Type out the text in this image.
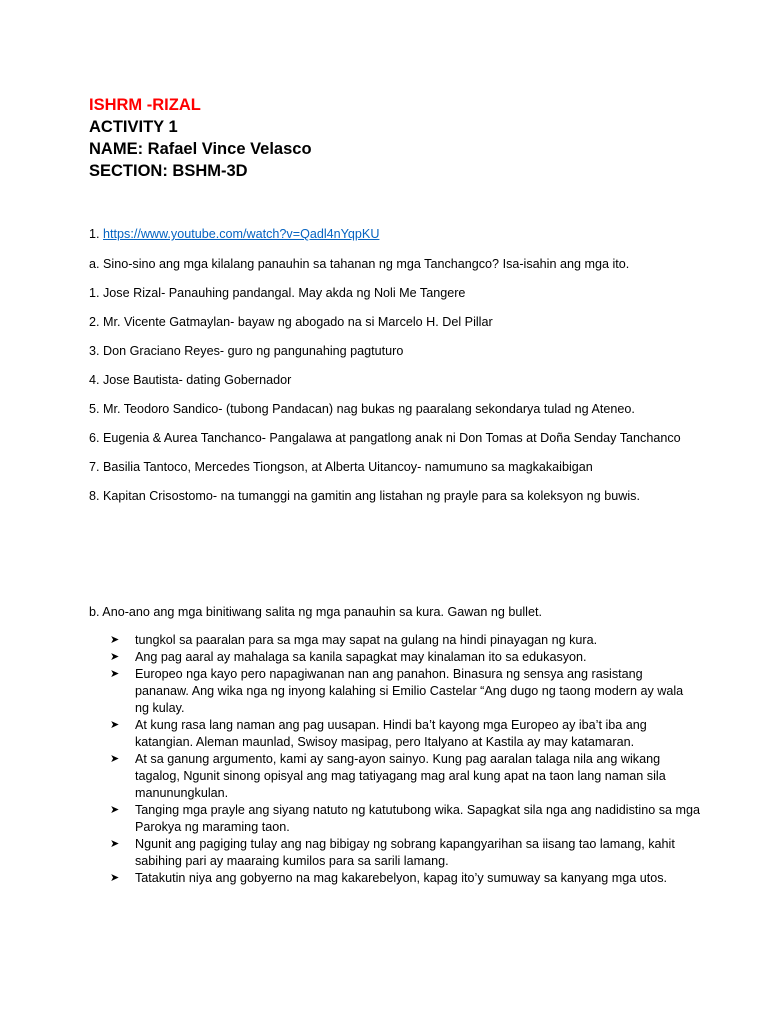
ISHRM -RIZAL
ACTIVITY 1
NAME: Rafael Vince Velasco
SECTION: BSHM-3D
1. https://www.youtube.com/watch?v=Qadl4nYqpKU
a. Sino-sino ang mga kilalang panauhin sa tahanan ng mga Tanchangco? Isa-isahin ang mga ito.
1. Jose Rizal- Panauhing pandangal. May akda ng Noli Me Tangere
2. Mr. Vicente Gatmaylan- bayaw ng abogado na si Marcelo H. Del Pillar
3. Don Graciano Reyes- guro ng pangunahing pagtuturo
4. Jose Bautista- dating Gobernador
5. Mr. Teodoro Sandico- (tubong Pandacan) nag bukas ng paaralang sekondarya tulad ng Ateneo.
6. Eugenia & Aurea Tanchanco- Pangalawa at pangatlong anak ni Don Tomas at Doña Senday Tanchanco
7. Basilia Tantoco, Mercedes Tiongson, at Alberta Uitancoy- namumuno sa magkakaibigan
8. Kapitan Crisostomo- na tumanggi na gamitin ang listahan ng prayle para sa koleksyon ng buwis.
b. Ano-ano ang mga binitiwang salita ng mga panauhin sa kura. Gawan ng bullet.
➤	tungkol sa paaralan para sa mga may sapat na gulang na hindi pinayagan ng kura.
➤	Ang pag aaral ay mahalaga sa kanila sapagkat may kinalaman ito sa edukasyon.
➤	Europeo nga kayo pero napagiwanan nan ang panahon. Binasura ng sensya ang rasistang pananaw. Ang wika nga ng inyong kalahing si Emilio Castelar “Ang dugo ng taong modern ay wala ng kulay.
➤	At kung rasa lang naman ang pag uusapan. Hindi ba’t kayong mga Europeo ay iba’t iba ang katangian. Aleman maunlad, Swisoy masipag, pero Italyano at Kastila ay may katamaran.
➤	At sa ganung argumento, kami ay sang-ayon sainyo. Kung pag aaralan talaga nila ang wikang tagalog, Ngunit sinong opisyal ang mag tatiyagang mag aral kung apat na taon lang naman sila manunungkulan.
➤	Tanging mga prayle ang siyang natuto ng katutubong wika. Sapagkat sila nga ang nadidistino sa mga Parokya ng maraming taon.
➤	Ngunit ang pagiging tulay ang nag bibigay ng sobrang kapangyarihan sa iisang tao lamang, kahit sabihing pari ay maaraing kumilos para sa sarili lamang.
➤	Tatakutin niya ang gobyerno na mag kakarebelyon, kapag ito’y sumuway sa kanyang mga utos.
